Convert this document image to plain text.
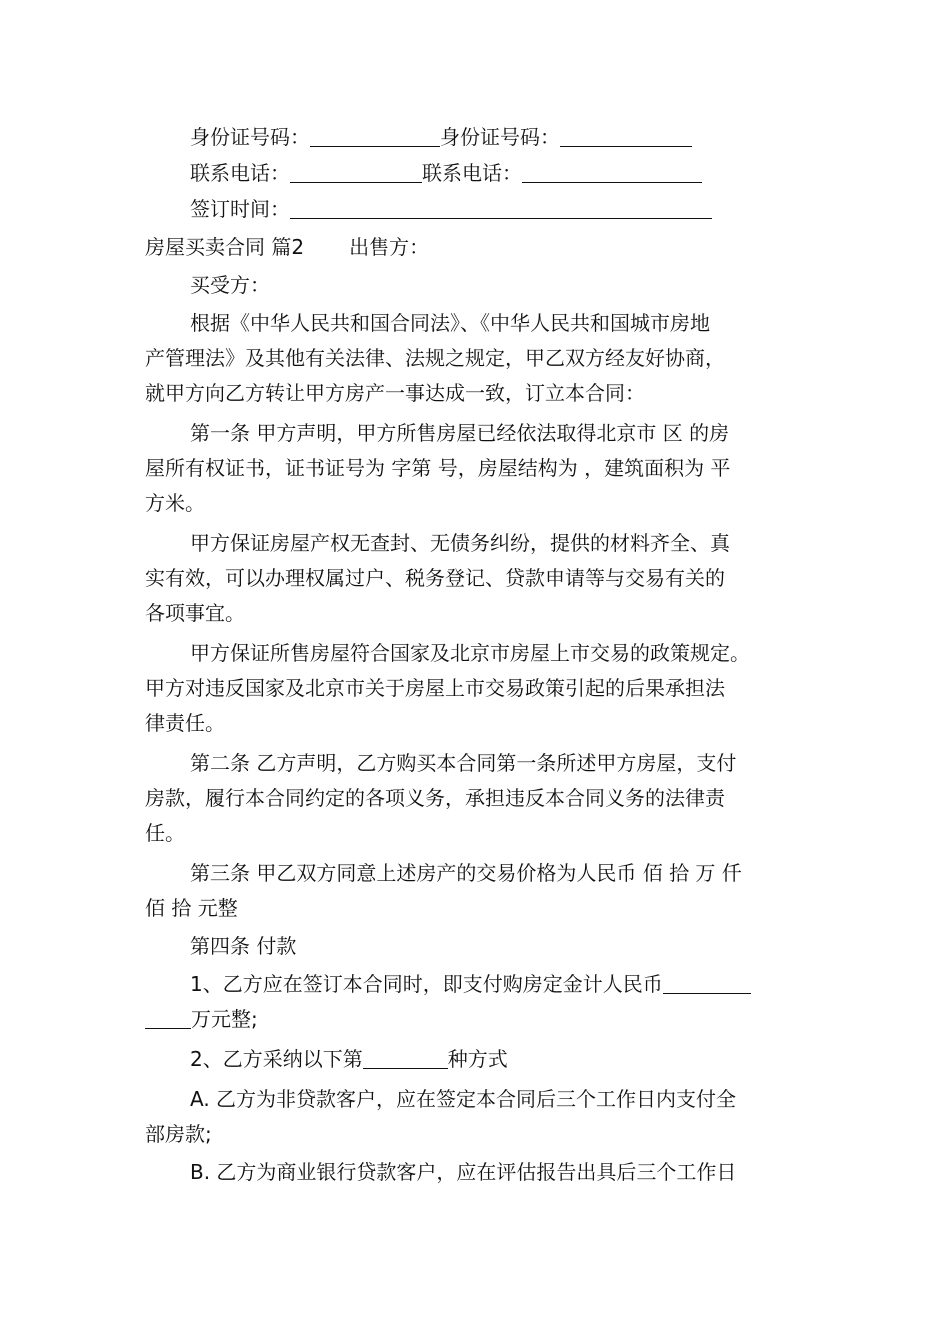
身份证号码：	身份证号码：
联系电话：	联系电话：
签订时间：
房屋买卖合同 篇2 出售方：
买受方：
根据《中华人民共和国合同法》、《中华人民共和国城市房地
产管理法》及其他有关法律、法规之规定，甲乙双方经友好协商，
就甲方向乙方转让甲方房产一事达成一致，订立本合同：
第一条 甲方声明，甲方所售房屋已经依法取得北京市 区 的房
屋所有权证书，证书证号为 字第 号，房屋结构为 ，建筑面积为 平
方米。
甲方保证房屋产权无查封、无债务纠纷，提供的材料齐全、真
实有效，可以办理权属过户、税务登记、贷款申请等与交易有关的
各项事宜。
甲方保证所售房屋符合国家及北京市房屋上市交易的政策规定。
甲方对违反国家及北京市关于房屋上市交易政策引起的后果承担法
律责任。
第二条 乙方声明，乙方购买本合同第一条所述甲方房屋，支付
房款，履行本合同约定的各项义务，承担违反本合同义务的法律责
任。
第三条 甲乙双方同意上述房产的交易价格为人民币 佰 拾 万 仟
佰 拾 元整
第四条 付款
1、乙方应在签订本合同时，即支付购房定金计人民币
万元整;
2、乙方采纳以下第	种方式
A. 乙方为非贷款客户，应在签定本合同后三个工作日内支付全
部房款;
B. 乙方为商业银行贷款客户，应在评估报告出具后三个工作日
